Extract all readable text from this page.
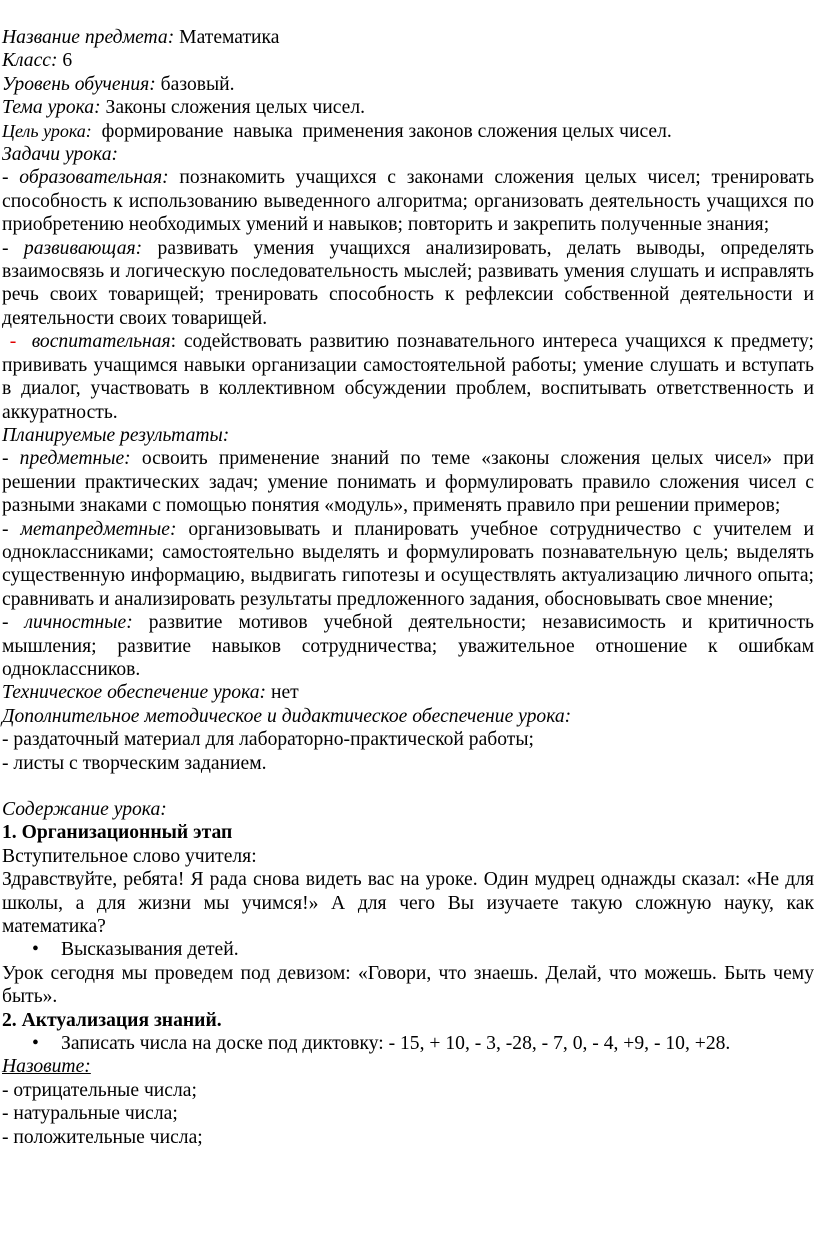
Название предмета: Математика

Класс: 6

Уровень обучения: базовый.

Тема урока: Законы сложения целых чисел.

Цель урока: формирование  навыка  применения законов сложения целых чисел.

Задачи урока:

- образовательная: познакомить учащихся с законами сложения целых чисел; тренировать способность к использованию выведенного алгоритма; организовать деятельность учащихся по приобретению необходимых умений и навыков; повторить и закрепить полученные знания;

- развивающая: развивать умения учащихся анализировать, делать выводы, определять взаимосвязь и логическую последовательность мыслей; развивать умения слушать и исправлять речь своих товарищей; тренировать способность к рефлексии собственной деятельности и деятельности своих товарищей.

-  воспитательная: содействовать развитию познавательного интереса учащихся к предмету; прививать учащимся навыки организации самостоятельной работы; умение слушать и вступать в диалог, участвовать в коллективном обсуждении проблем, воспитывать ответственность и аккуратность.

Планируемые результаты:

- предметные: освоить применение знаний по теме «законы сложения целых чисел» при решении практических задач; умение понимать и формулировать правило сложения чисел с разными знаками с помощью понятия «модуль», применять правило при решении примеров;

- метапредметные: организовывать и планировать учебное сотрудничество с учителем и одноклассниками; самостоятельно выделять и формулировать познавательную цель; выделять существенную информацию, выдвигать гипотезы и осуществлять актуализацию личного опыта; сравнивать и анализировать результаты предложенного задания, обосновывать свое мнение;

- личностные: развитие мотивов учебной деятельности; независимость и критичность мышления; развитие навыков сотрудничества; уважительное отношение к ошибкам одноклассников.

Техническое обеспечение урока: нет

Дополнительное методическое и дидактическое обеспечение урока:

- раздаточный материал для лабораторно-практической работы;

- листы с творческим заданием.

Содержание урока:

1. Организационный этап

Вступительное слово учителя:

Здравствуйте, ребята! Я рада снова видеть вас на уроке. Один мудрец однажды сказал: «Не для школы, а для жизни мы учимся!» А для чего Вы изучаете такую сложную науку, как математика?

• Высказывания детей.

Урок сегодня мы проведем под девизом: «Говори, что знаешь. Делай, что можешь. Быть чему быть».

2. Актуализация знаний.

• Записать числа на доске под диктовку: - 15, + 10, - 3, -28, - 7, 0, - 4, +9, - 10, +28.

Назовите:

- отрицательные числа;

- натуральные числа;

- положительные числа;
